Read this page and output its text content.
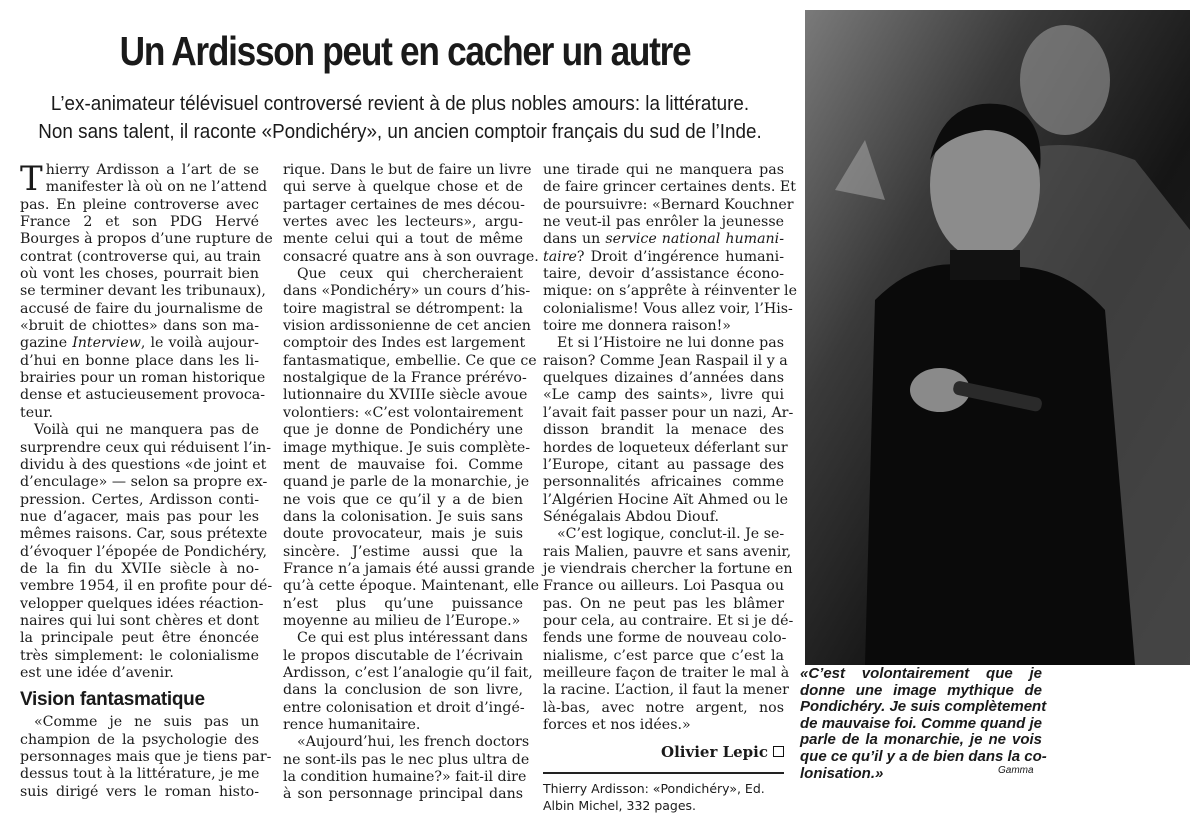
Un Ardisson peut en cacher un autre
L’ex-animateur télévisuel controversé revient à de plus nobles amours: la littérature.
Non sans talent, il raconte «Pondichéry», un ancien comptoir français du sud de l’Inde.
T hierry Ardisson a l’art de se
manifester là où on ne l’attend
pas. En pleine controverse avec
France 2 et son PDG Hervé
Bourges à propos d’une rupture de
contrat (controverse qui, au train
où vont les choses, pourrait bien
se terminer devant les tribunaux),
accusé de faire du journalisme de
«bruit de chiottes» dans son ma-
gazine Interview, le voilà aujour-
d’hui en bonne place dans les li-
brairies pour un roman historique
dense et astucieusement provoca-
teur.
Voilà qui ne manquera pas de
surprendre ceux qui réduisent l’in-
dividu à des questions «de joint et
d’enculage» — selon sa propre ex-
pression. Certes, Ardisson conti-
nue d’agacer, mais pas pour les
mêmes raisons. Car, sous prétexte
d’évoquer l’épopée de Pondichéry,
de la fin du XVIIe siècle à no-
vembre 1954, il en profite pour dé-
velopper quelques idées réaction-
naires qui lui sont chères et dont
la principale peut être énoncée
très simplement: le colonialisme
est une idée d’avenir.
Vision fantasmatique
«Comme je ne suis pas un
champion de la psychologie des
personnages mais que je tiens par-
dessus tout à la littérature, je me
suis dirigé vers le roman histo-
rique. Dans le but de faire un livre
qui serve à quelque chose et de
partager certaines de mes décou-
vertes avec les lecteurs», argu-
mente celui qui a tout de même
consacré quatre ans à son ouvrage.
Que ceux qui chercheraient
dans «Pondichéry» un cours d’his-
toire magistral se détrompent: la
vision ardissonienne de cet ancien
comptoir des Indes est largement
fantasmatique, embellie. Ce que ce
nostalgique de la France prérévo-
lutionnaire du XVIIIe siècle avoue
volontiers: «C’est volontairement
que je donne de Pondichéry une
image mythique. Je suis complète-
ment de mauvaise foi. Comme
quand je parle de la monarchie, je
ne vois que ce qu’il y a de bien
dans la colonisation. Je suis sans
doute provocateur, mais je suis
sincère. J’estime aussi que la
France n’a jamais été aussi grande
qu’à cette époque. Maintenant, elle
n’est plus qu’une puissance
moyenne au milieu de l’Europe.»
Ce qui est plus intéressant dans
le propos discutable de l’écrivain
Ardisson, c’est l’analogie qu’il fait,
dans la conclusion de son livre,
entre colonisation et droit d’ingé-
rence humanitaire.
«Aujourd’hui, les french doctors
ne sont-ils pas le nec plus ultra de
la condition humaine?» fait-il dire
à son personnage principal dans
une tirade qui ne manquera pas
de faire grincer certaines dents. Et
de poursuivre: «Bernard Kouchner
ne veut-il pas enrôler la jeunesse
dans un service national humani-
taire? Droit d’ingérence humani-
taire, devoir d’assistance écono-
mique: on s’apprête à réinventer le
colonialisme! Vous allez voir, l’His-
toire me donnera raison!»
Et si l’Histoire ne lui donne pas
raison? Comme Jean Raspail il y a
quelques dizaines d’années dans
«Le camp des saints», livre qui
l’avait fait passer pour un nazi, Ar-
disson brandit la menace des
hordes de loqueteux déferlant sur
l’Europe, citant au passage des
personnalités africaines comme
l’Algérien Hocine Aït Ahmed ou le
Sénégalais Abdou Diouf.
«C’est logique, conclut-il. Je se-
rais Malien, pauvre et sans avenir,
je viendrais chercher la fortune en
France ou ailleurs. Loi Pasqua ou
pas. On ne peut pas les blâmer
pour cela, au contraire. Et si je dé-
fends une forme de nouveau colo-
nialisme, c’est parce que c’est la
meilleure façon de traiter le mal à
la racine. L’action, il faut la mener
là-bas, avec notre argent, nos
forces et nos idées.»
Olivier Lepic
Thierry Ardisson: «Pondichéry», Ed. Albin Michel, 332 pages.
«C’est volontairement que je
donne une image mythique de
Pondichéry. Je suis complètement
de mauvaise foi. Comme quand je
parle de la monarchie, je ne vois
que ce qu’il y a de bien dans la co-
lonisation.»	Gamma
